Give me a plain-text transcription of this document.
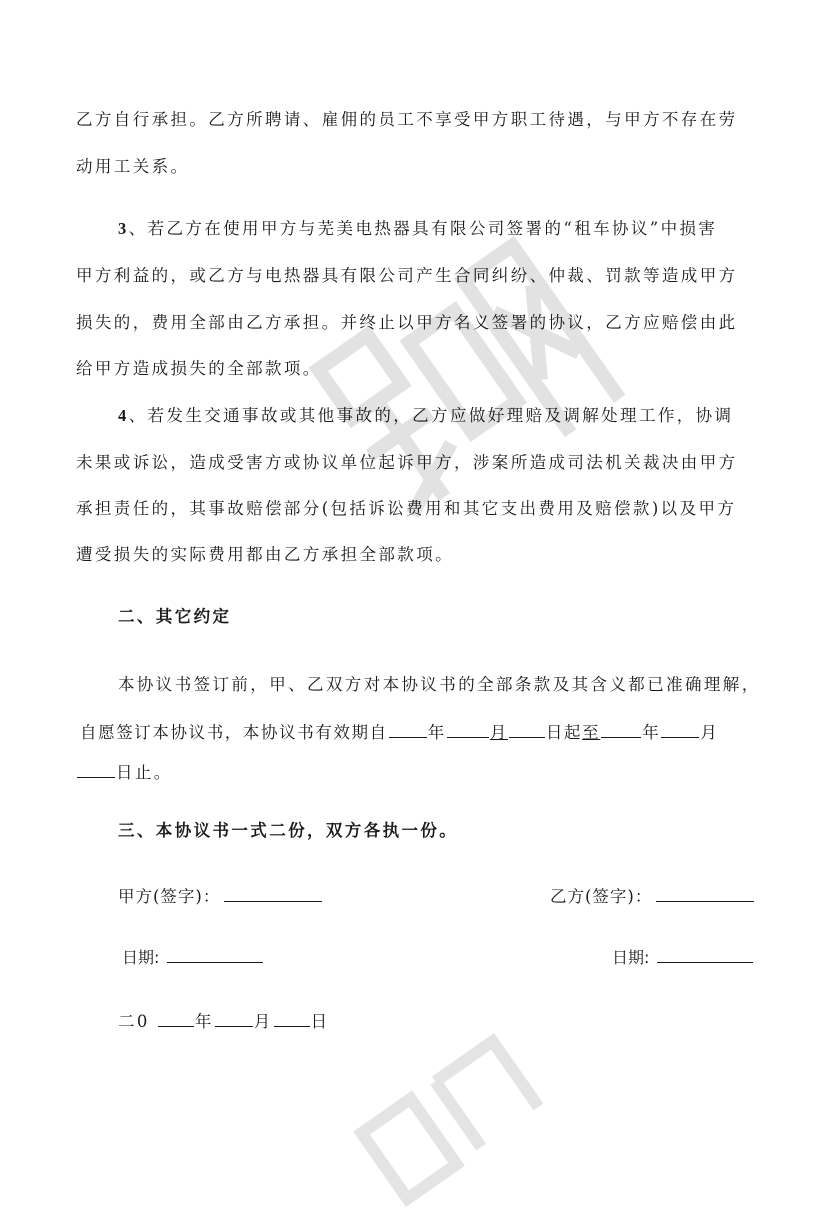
乙方自行承担。乙方所聘请、雇佣的员工不享受甲方职工待遇，与甲方不存在劳
动用工关系。
3、若乙方在使用甲方与芜美电热器具有限公司签署的“租车协议”中损害
甲方利益的，或乙方与电热器具有限公司产生合同纠纷、仲裁、罚款等造成甲方
损失的，费用全部由乙方承担。并终止以甲方名义签署的协议，乙方应赔偿由此
给甲方造成损失的全部款项。
4、若发生交通事故或其他事故的，乙方应做好理赔及调解处理工作，协调
未果或诉讼，造成受害方或协议单位起诉甲方，涉案所造成司法机关裁决由甲方
承担责任的，其事故赔偿部分(包括诉讼费用和其它支出费用及赔偿款)以及甲方
遭受损失的实际费用都由乙方承担全部款项。
二、其它约定
本协议书签订前，甲、乙双方对本协议书的全部条款及其含义都已准确理解，
自愿签订本协议书，本协议书有效期自 年	月 日起至	年 月
日止。
三、本协议书一式二份，双方各执一份。
甲方(签字)：	乙方(签字)：
日期:	日期:
二0	年 月 日
